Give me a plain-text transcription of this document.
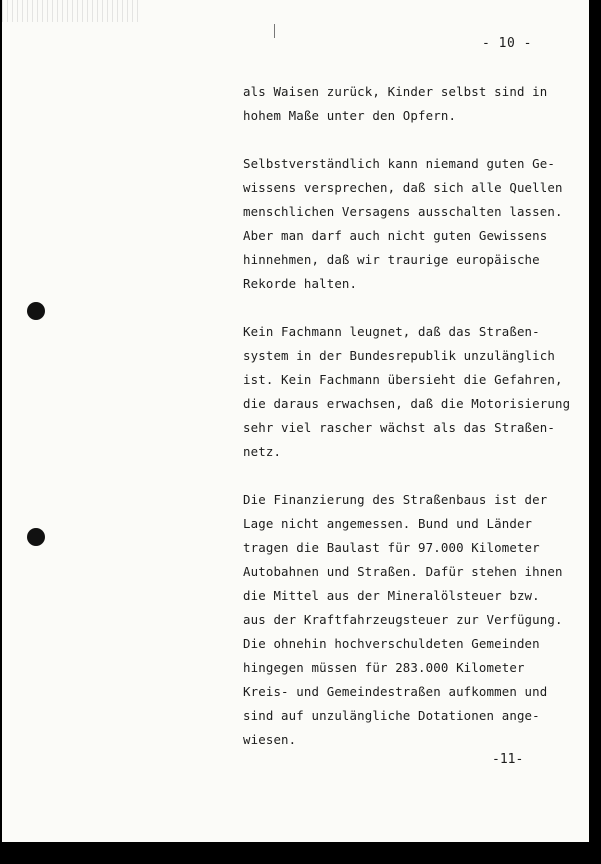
- 10 -
als Waisen zurück, Kinder selbst sind in
hohem Maße unter den Opfern.
Selbstverständlich kann niemand guten Ge-
wissens versprechen, daß sich alle Quellen
menschlichen Versagens ausschalten lassen.
Aber man darf auch nicht guten Gewissens
hinnehmen, daß wir traurige europäische
Rekorde halten.
Kein Fachmann leugnet, daß das Straßen-
system in der Bundesrepublik unzulänglich
ist. Kein Fachmann übersieht die Gefahren,
die daraus erwachsen, daß die Motorisierung
sehr viel rascher wächst als das Straßen-
netz.
Die Finanzierung des Straßenbaus ist der
Lage nicht angemessen. Bund und Länder
tragen die Baulast für 97.000 Kilometer
Autobahnen und Straßen. Dafür stehen ihnen
die Mittel aus der Mineralölsteuer bzw.
aus der Kraftfahrzeugsteuer zur Verfügung.
Die ohnehin hochverschuldeten Gemeinden
hingegen müssen für 283.000 Kilometer
Kreis- und Gemeindestraßen aufkommen und
sind auf unzulängliche Dotationen ange-
wiesen.
-11-
